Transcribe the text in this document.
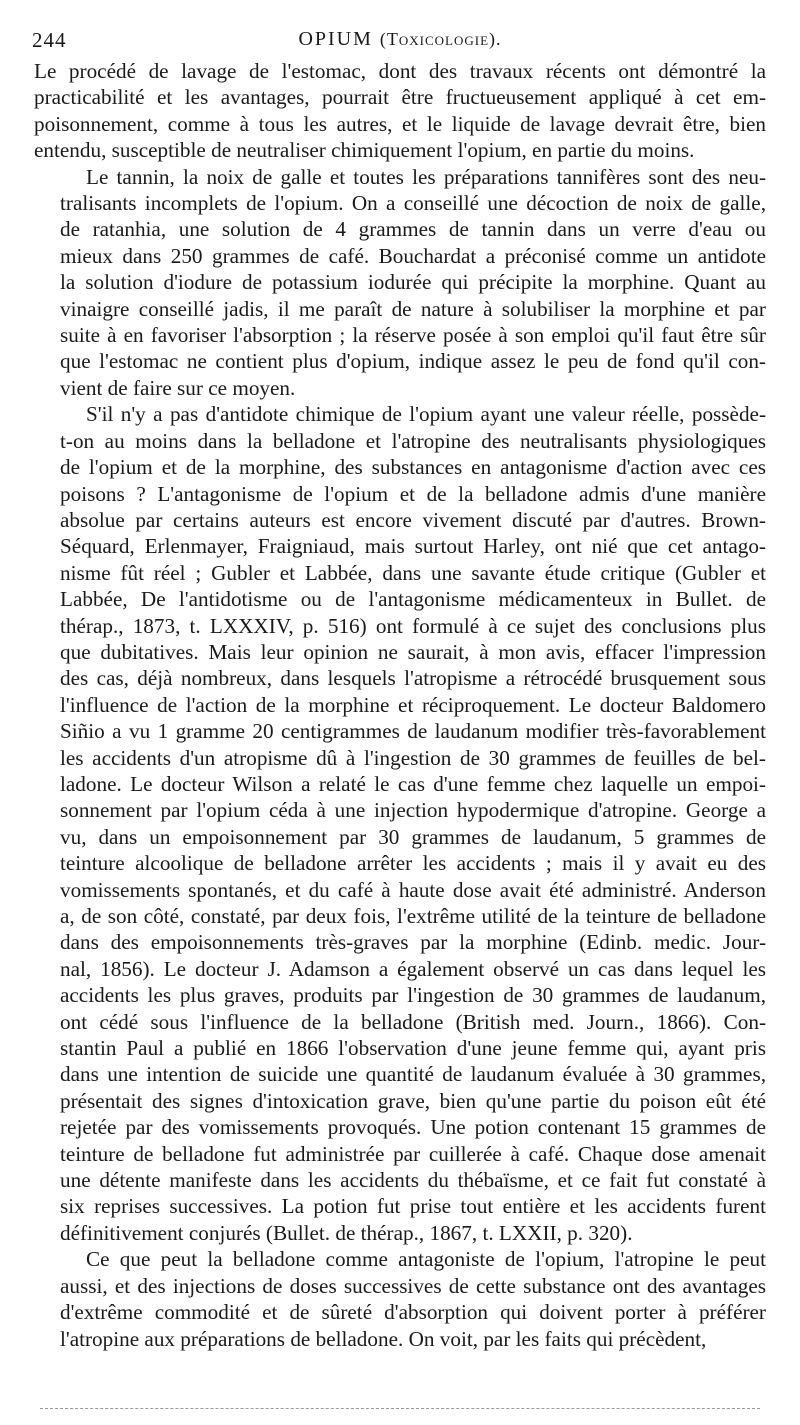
244	OPIUM (Toxicologie).
Le procédé de lavage de l'estomac, dont des travaux récents ont démontré la
practicabilité et les avantages, pourrait être fructueusement appliqué à cet em-
poisonnement, comme à tous les autres, et le liquide de lavage devrait être, bien
entendu, susceptible de neutraliser chimiquement l'opium, en partie du moins.
Le tannin, la noix de galle et toutes les préparations tannifères sont des neu-
tralisants incomplets de l'opium. On a conseillé une décoction de noix de galle,
de ratanhia, une solution de 4 grammes de tannin dans un verre d'eau ou
mieux dans 250 grammes de café. Bouchardat a préconisé comme un antidote
la solution d'iodure de potassium iodurée qui précipite la morphine. Quant au
vinaigre conseillé jadis, il me paraît de nature à solubiliser la morphine et par
suite à en favoriser l'absorption ; la réserve posée à son emploi qu'il faut être sûr
que l'estomac ne contient plus d'opium, indique assez le peu de fond qu'il con-
vient de faire sur ce moyen.
S'il n'y a pas d'antidote chimique de l'opium ayant une valeur réelle, possède-
t-on au moins dans la belladone et l'atropine des neutralisants physiologiques
de l'opium et de la morphine, des substances en antagonisme d'action avec ces
poisons ? L'antagonisme de l'opium et de la belladone admis d'une manière
absolue par certains auteurs est encore vivement discuté par d'autres. Brown-
Séquard, Erlenmayer, Fraigniaud, mais surtout Harley, ont nié que cet antago-
nisme fût réel ; Gubler et Labbée, dans une savante étude critique (Gubler et
Labbée, De l'antidotisme ou de l'antagonisme médicamenteux in Bullet. de
thérap., 1873, t. LXXXIV, p. 516) ont formulé à ce sujet des conclusions plus
que dubitatives. Mais leur opinion ne saurait, à mon avis, effacer l'impression
des cas, déjà nombreux, dans lesquels l'atropisme a rétrocédé brusquement sous
l'influence de l'action de la morphine et réciproquement. Le docteur Baldomero
Siñio a vu 1 gramme 20 centigrammes de laudanum modifier très-favorablement
les accidents d'un atropisme dû à l'ingestion de 30 grammes de feuilles de bel-
ladone. Le docteur Wilson a relaté le cas d'une femme chez laquelle un empoi-
sonnement par l'opium céda à une injection hypodermique d'atropine. George a
vu, dans un empoisonnement par 30 grammes de laudanum, 5 grammes de
teinture alcoolique de belladone arrêter les accidents ; mais il y avait eu des
vomissements spontanés, et du café à haute dose avait été administré. Anderson
a, de son côté, constaté, par deux fois, l'extrême utilité de la teinture de belladone
dans des empoisonnements très-graves par la morphine (Edinb. medic. Jour-
nal, 1856). Le docteur J. Adamson a également observé un cas dans lequel les
accidents les plus graves, produits par l'ingestion de 30 grammes de laudanum,
ont cédé sous l'influence de la belladone (British med. Journ., 1866). Con-
stantin Paul a publié en 1866 l'observation d'une jeune femme qui, ayant pris
dans une intention de suicide une quantité de laudanum évaluée à 30 grammes,
présentait des signes d'intoxication grave, bien qu'une partie du poison eût été
rejetée par des vomissements provoqués. Une potion contenant 15 grammes de
teinture de belladone fut administrée par cuillerée à café. Chaque dose amenait
une détente manifeste dans les accidents du thébaïsme, et ce fait fut constaté à
six reprises successives. La potion fut prise tout entière et les accidents furent
définitivement conjurés (Bullet. de thérap., 1867, t. LXXII, p. 320).
Ce que peut la belladone comme antagoniste de l'opium, l'atropine le peut
aussi, et des injections de doses successives de cette substance ont des avantages
d'extrême commodité et de sûreté d'absorption qui doivent porter à préférer
l'atropine aux préparations de belladone. On voit, par les faits qui précèdent,
